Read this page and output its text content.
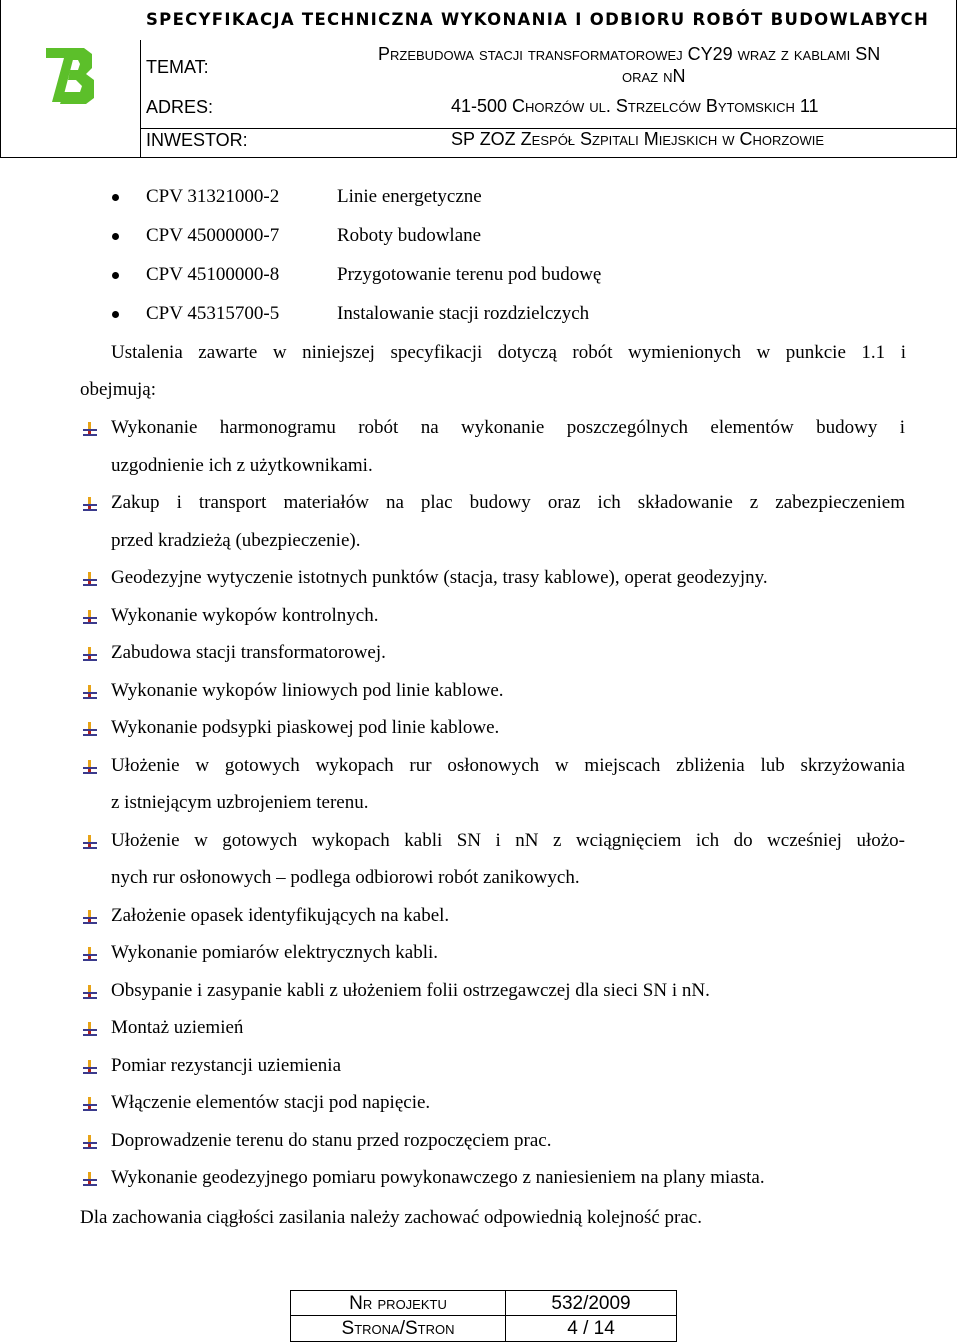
SPECYFIKACJA TECHNICZNA WYKONANIA I ODBIORU ROBÓT BUDOWLABYCH
TEMAT:
Przebudowa stacji transformatorowej CY29 wraz z kablami SN
oraz nN
ADRES:	41-500 Chorzów ul. Strzelców Bytomskich 11
INWESTOR:	SP ZOZ Zespół Szpitali Miejskich w Chorzowie
CPV 31321000-2	Linie energetyczne
CPV 45000000-7	Roboty budowlane
CPV 45100000-8	Przygotowanie terenu pod budowę
CPV 45315700-5	Instalowanie stacji rozdzielczych
Ustalenia zawarte w niniejszej specyfikacji dotyczą robót wymienionych w punkcie 1.1 i
obejmują:
Wykonanie harmonogramu robót na wykonanie poszczególnych elementów budowy i
uzgodnienie ich z użytkownikami.
Zakup i transport materiałów na plac budowy oraz ich składowanie z zabezpieczeniem
przed kradzieżą (ubezpieczenie).
Geodezyjne wytyczenie istotnych punktów (stacja, trasy kablowe), operat geodezyjny.
Wykonanie wykopów kontrolnych.
Zabudowa stacji transformatorowej.
Wykonanie wykopów liniowych pod linie kablowe.
Wykonanie podsypki piaskowej pod linie kablowe.
Ułożenie w gotowych wykopach rur osłonowych w miejscach zbliżenia lub skrzyżowania
z istniejącym uzbrojeniem terenu.
Ułożenie w gotowych wykopach kabli SN i nN z wciągnięciem ich do wcześniej ułożo-
nych rur osłonowych – podlega odbiorowi robót zanikowych.
Założenie opasek identyfikujących na kabel.
Wykonanie pomiarów elektrycznych kabli.
Obsypanie i zasypanie kabli z ułożeniem folii ostrzegawczej dla sieci SN i nN.
Montaż uziemień
Pomiar rezystancji uziemienia
Włączenie elementów stacji pod napięcie.
Doprowadzenie terenu do stanu przed rozpoczęciem prac.
Wykonanie geodezyjnego pomiaru powykonawczego z naniesieniem na plany miasta.
Dla zachowania ciągłości zasilania należy zachować odpowiednią kolejność prac.
Nr projektu	532/2009
Strona/Stron	4 / 14
